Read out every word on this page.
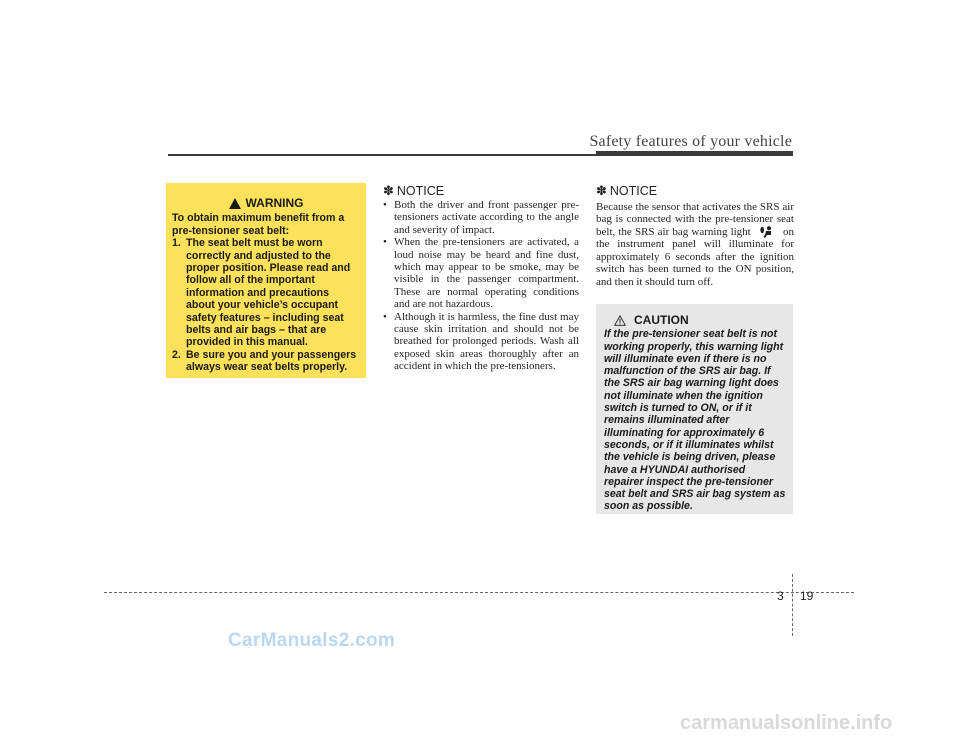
Safety features of your vehicle
WARNING
To obtain maximum benefit from a pre-tensioner seat belt:
1. The seat belt must be worn correctly and adjusted to the proper position. Please read and follow all of the important information and precautions about your vehicle’s occupant safety features – including seat belts and air bags – that are provided in this manual.
2. Be sure you and your passengers always wear seat belts properly.
✽ NOTICE
• Both the driver and front passenger pre-tensioners activate according to the angle and severity of impact.
• When the pre-tensioners are activated, a loud noise may be heard and fine dust, which may appear to be smoke, may be visible in the passenger compartment. These are normal operating conditions and are not hazardous.
• Although it is harmless, the fine dust may cause skin irritation and should not be breathed for prolonged periods. Wash all exposed skin areas thoroughly after an accident in which the pre-tensioners.
✽ NOTICE
Because the sensor that activates the SRS air bag is connected with the pre-tensioner seat belt, the SRS air bag warning light	on the instrument panel will illuminate for approximately 6 seconds after the ignition switch has been turned to the ON position, and then it should turn off.
CAUTION
If the pre-tensioner seat belt is not working properly, this warning light will illuminate even if there is no malfunction of the SRS air bag. If the SRS air bag warning light does not illuminate when the ignition switch is turned to ON, or if it remains illuminated after illuminating for approximately 6 seconds, or if it illuminates whilst the vehicle is being driven, please have a HYUNDAI authorised repairer inspect the pre-tensioner seat belt and SRS air bag system as soon as possible.
3 19
CarManuals2.com
carmanualsonline.info
